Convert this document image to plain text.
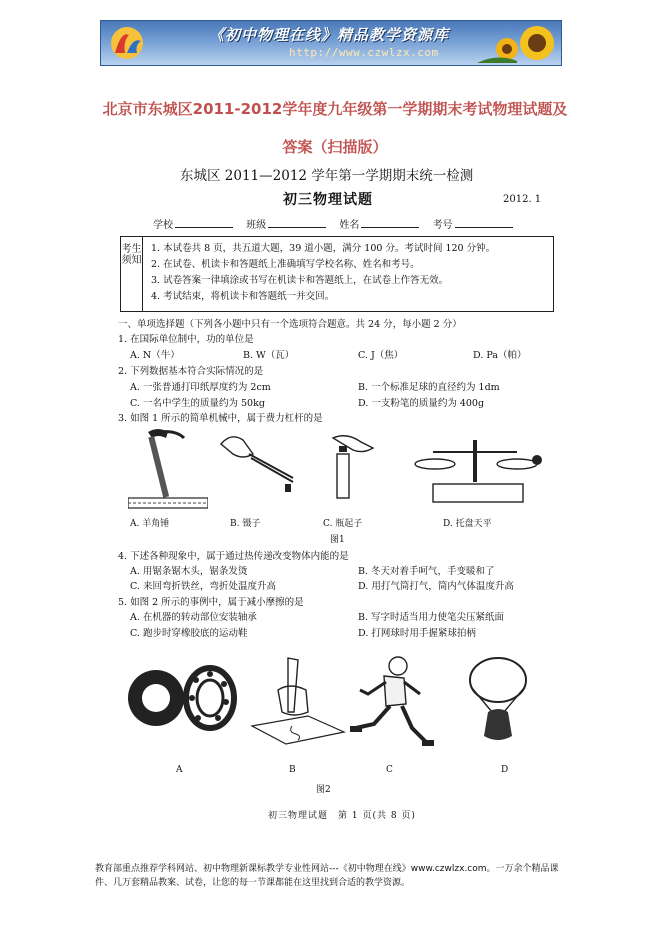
《初中物理在线》精品教学资源库
http://www.czwlzx.com
北京市东城区2011-2012学年度九年级第一学期期末考试物理试题及答案（扫描版）
东城区 2011—2012 学年第一学期期末统一检测
初三物理试题	2012. 1
学校	班级	姓名	考号
考生须知
1. 本试卷共 8 页，共五道大题，39 道小题，满分 100 分。考试时间 120 分钟。
2. 在试卷、机读卡和答题纸上准确填写学校名称、姓名和考号。
3. 试卷答案一律填涂或书写在机读卡和答题纸上，在试卷上作答无效。
4. 考试结束，将机读卡和答题纸一并交回。
一、单项选择题（下列各小题中只有一个选项符合题意。共 24 分，每小题 2 分）
1. 在国际单位制中，功的单位是
A. N（牛）	B. W（瓦）	C. J（焦）	D. Pa（帕）
2. 下列数据基本符合实际情况的是
A. 一张普通打印纸厚度约为 2cm	B. 一个标准足球的直径约为 1dm
C. 一名中学生的质量约为 50kg	D. 一支粉笔的质量约为 400g
3. 如图 1 所示的简单机械中，属于费力杠杆的是
A. 羊角锤	B. 镊子	C. 瓶起子	D. 托盘天平
图1
4. 下述各种现象中，属于通过热传递改变物体内能的是
A. 用锯条锯木头，锯条发烫	B. 冬天对着手呵气，手变暖和了
C. 来回弯折铁丝，弯折处温度升高	D. 用打气筒打气，筒内气体温度升高
5. 如图 2 所示的事例中，属于减小摩擦的是
A. 在机器的转动部位安装轴承	B. 写字时适当用力使笔尖压紧纸面
C. 跑步时穿橡胶底的运动鞋	D. 打网球时用手握紧球拍柄
A	B	C	D
图2
初三物理试题　第 1 页(共 8 页)
教育部重点推荐学科网站、初中物理新课标教学专业性网站---《初中物理在线》www.czwlzx.com。一万余个精品课件、几万套精品教案、试卷，让您的每一节课都能在这里找到合适的教学资源。
